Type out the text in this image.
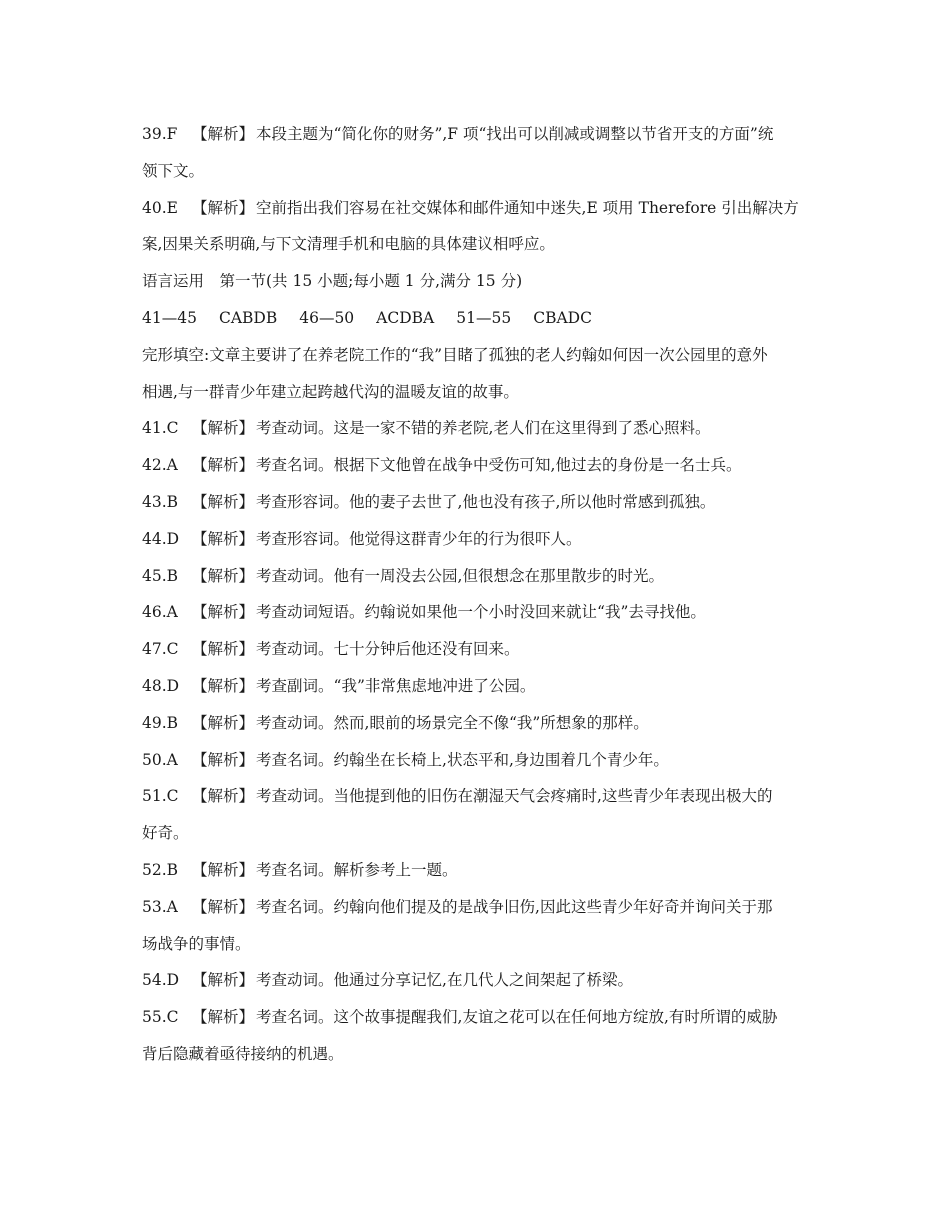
39.F 【解析】 本段主题为“简化你的财务”,F 项“找出可以削减或调整以节省开支的方面”统
领下文。
40.E 【解析】 空前指出我们容易在社交媒体和邮件通知中迷失,E 项用 Therefore 引出解决方
案,因果关系明确,与下文清理手机和电脑的具体建议相呼应。
语言运用　第一节(共 15 小题;每小题 1 分,满分 15 分)
41—45 CABDB 46—50 ACDBA 51—55 CBADC
完形填空:文章主要讲了在养老院工作的“我”目睹了孤独的老人约翰如何因一次公园里的意外
相遇,与一群青少年建立起跨越代沟的温暖友谊的故事。
41.C 【解析】 考查动词。这是一家不错的养老院,老人们在这里得到了悉心照料。
42.A 【解析】 考查名词。根据下文他曾在战争中受伤可知,他过去的身份是一名士兵。
43.B 【解析】 考查形容词。他的妻子去世了,他也没有孩子,所以他时常感到孤独。
44.D 【解析】 考查形容词。他觉得这群青少年的行为很吓人。
45.B 【解析】 考查动词。他有一周没去公园,但很想念在那里散步的时光。
46.A 【解析】 考查动词短语。约翰说如果他一个小时没回来就让“我”去寻找他。
47.C 【解析】 考查动词。七十分钟后他还没有回来。
48.D 【解析】 考查副词。“我”非常焦虑地冲进了公园。
49.B 【解析】 考查动词。然而,眼前的场景完全不像“我”所想象的那样。
50.A 【解析】 考查名词。约翰坐在长椅上,状态平和,身边围着几个青少年。
51.C 【解析】 考查动词。当他提到他的旧伤在潮湿天气会疼痛时,这些青少年表现出极大的
好奇。
52.B 【解析】 考查名词。解析参考上一题。
53.A 【解析】 考查名词。约翰向他们提及的是战争旧伤,因此这些青少年好奇并询问关于那
场战争的事情。
54.D 【解析】 考查动词。他通过分享记忆,在几代人之间架起了桥梁。
55.C 【解析】 考查名词。这个故事提醒我们,友谊之花可以在任何地方绽放,有时所谓的威胁
背后隐藏着亟待接纳的机遇。
